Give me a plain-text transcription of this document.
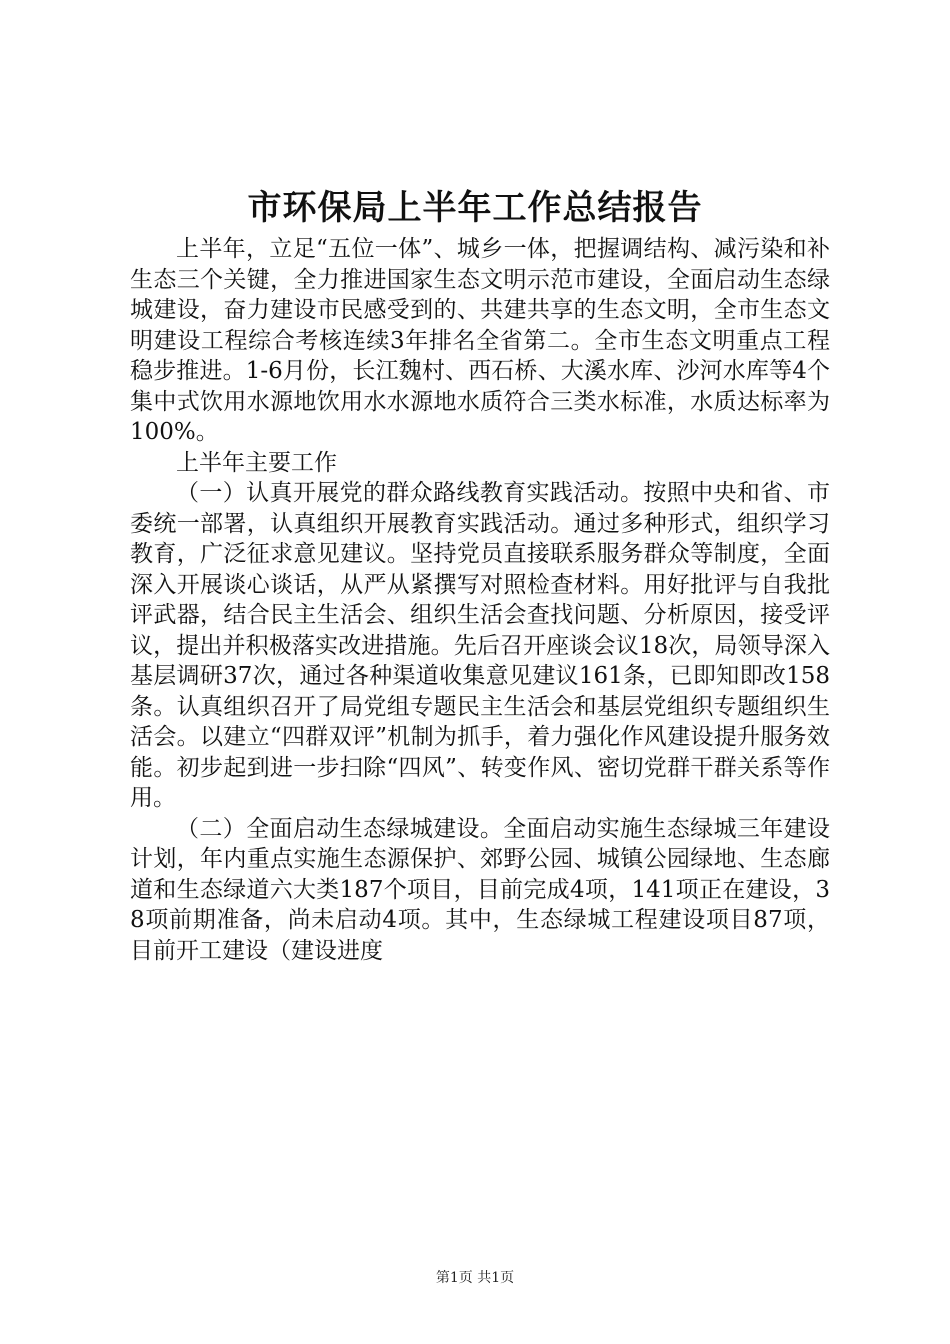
市环保局上半年工作总结报告

上半年，立足“五位一体”、城乡一体，把握调结构、减污染和补生态三个关键，全力推进国家生态文明示范市建设，全面启动生态绿城建设，奋力建设市民感受到的、共建共享的生态文明，全市生态文明建设工程综合考核连续3年排名全省第二。全市生态文明重点工程稳步推进。1-6月份，长江魏村、西石桥、大溪水库、沙河水库等4个集中式饮用水源地饮用水水源地水质符合三类水标准，水质达标率为100%。

上半年主要工作

（一）认真开展党的群众路线教育实践活动。按照中央和省、市委统一部署，认真组织开展教育实践活动。通过多种形式，组织学习教育，广泛征求意见建议。坚持党员直接联系服务群众等制度，全面深入开展谈心谈话，从严从紧撰写对照检查材料。用好批评与自我批评武器，结合民主生活会、组织生活会查找问题、分析原因，接受评议，提出并积极落实改进措施。先后召开座谈会议18次，局领导深入基层调研37次，通过各种渠道收集意见建议161条，已即知即改158条。认真组织召开了局党组专题民主生活会和基层党组织专题组织生活会。以建立“四群双评”机制为抓手，着力强化作风建设提升服务效能。初步起到进一步扫除“四风”、转变作风、密切党群干群关系等作用。

（二）全面启动生态绿城建设。全面启动实施生态绿城三年建设计划，年内重点实施生态源保护、郊野公园、城镇公园绿地、生态廊道和生态绿道六大类187个项目，目前完成4项，141项正在建设，38项前期准备，尚未启动4项。其中，生态绿城工程建设项目87项，目前开工建设（建设进度

第1页 共1页
